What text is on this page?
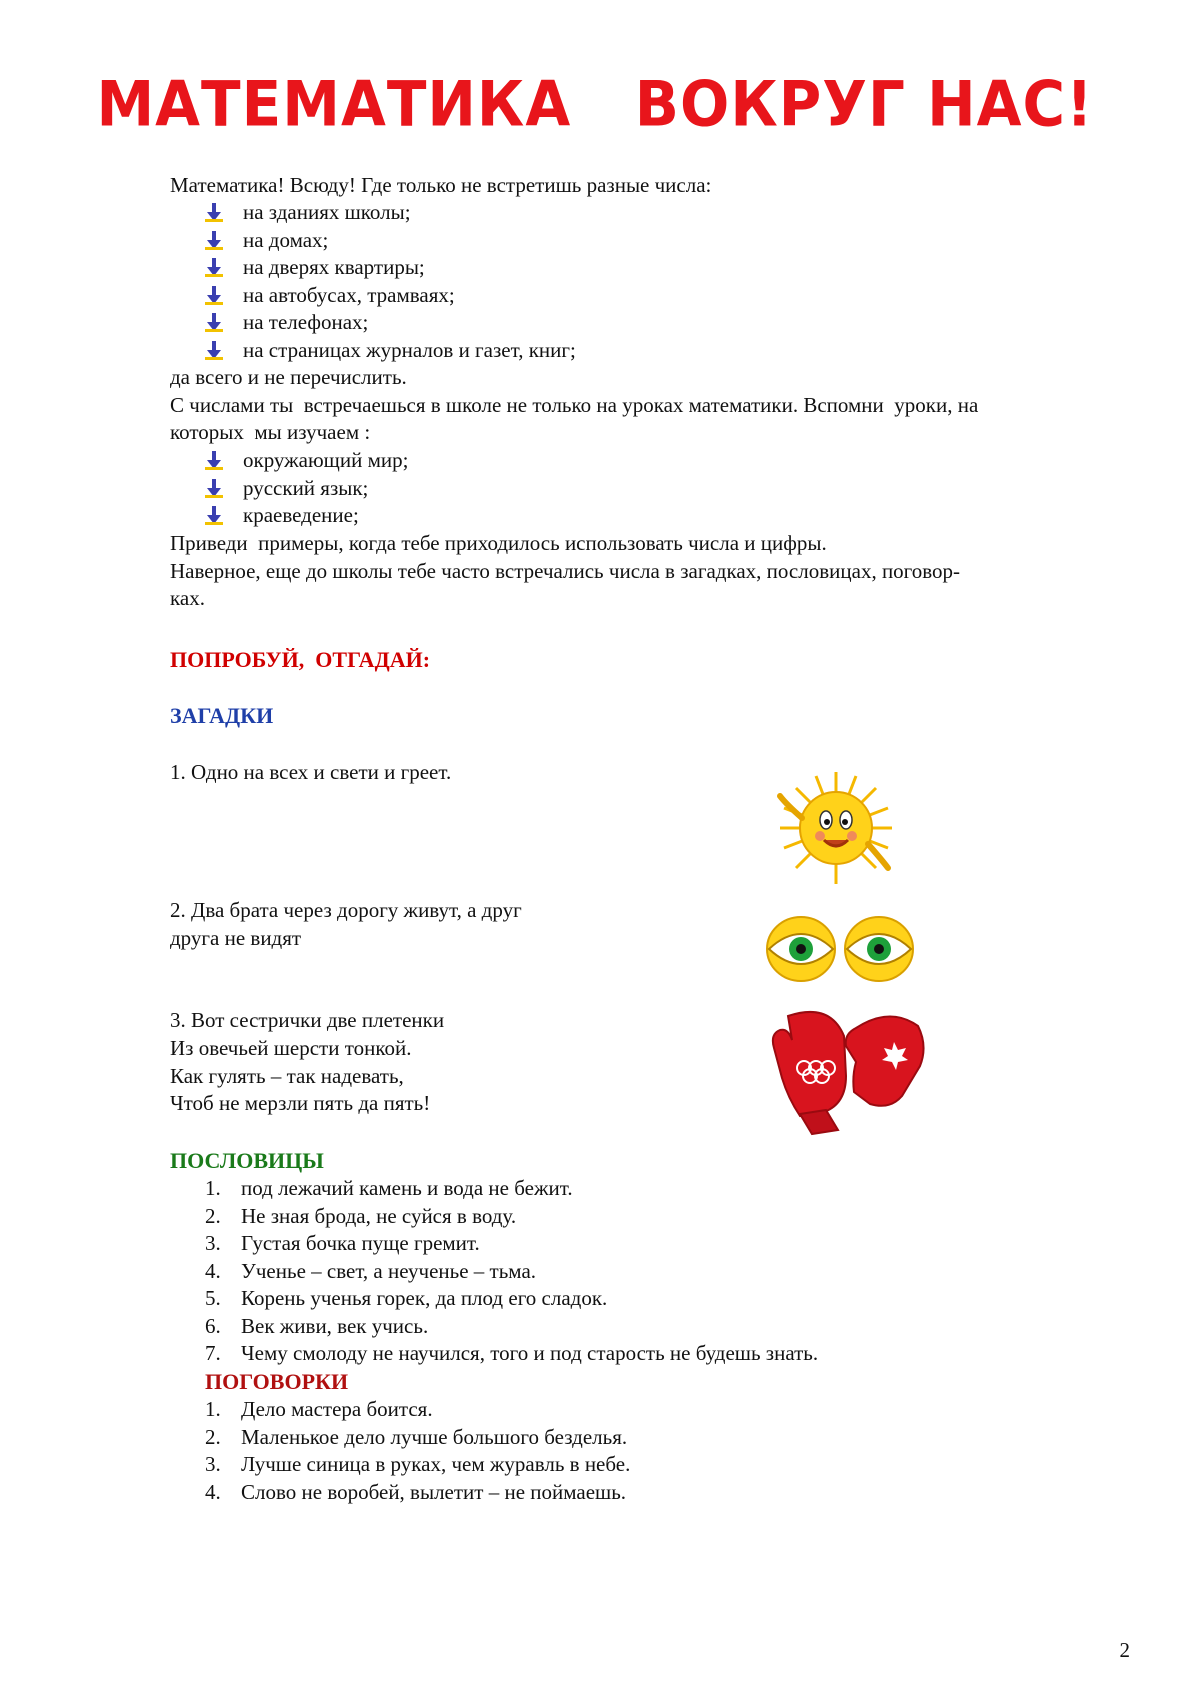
МАТЕМАТИКА   ВОКРУГ НАС!
Математика! Всюду! Где только не встретишь разные числа:
на зданиях школы;
на домах;
на дверях квартиры;
на автобусах, трамваях;
на телефонах;
на страницах журналов и газет, книг;
да всего и не перечислить.
С числами ты  встречаешься в школе не только на уроках математики. Вспомни  уроки, на
которых  мы изучаем :
окружающий мир;
русский язык;
краеведение;
Приведи  примеры, когда тебе приходилось использовать числа и цифры.
Наверное, еще до школы тебе часто встречались числа в загадках, пословицах, поговор-
ках.
ПОПРОБУЙ,  ОТГАДАЙ:
ЗАГАДКИ
1. Одно на всех и свети и греет.
2. Два брата через дорогу живут, а друг
друга не видят
3. Вот сестрички две плетенки
Из овечьей шерсти тонкой.
Как гулять – так надевать,
Чтоб не мерзли пять да пять!
ПОСЛОВИЦЫ
1. под лежачий камень и вода не бежит.
2. Не зная брода, не суйся в воду.
3. Густая бочка пуще гремит.
4. Ученье – свет, а неученье – тьма.
5. Корень ученья горек, да плод его сладок.
6. Век живи, век учись.
7. Чему смолоду не научился, того и под старость не будешь знать.
ПОГОВОРКИ
1. Дело мастера боится.
2. Маленькое дело лучше большого безделья.
3. Лучше синица в руках, чем журавль в небе.
4. Слово не воробей, вылетит – не поймаешь.
2
